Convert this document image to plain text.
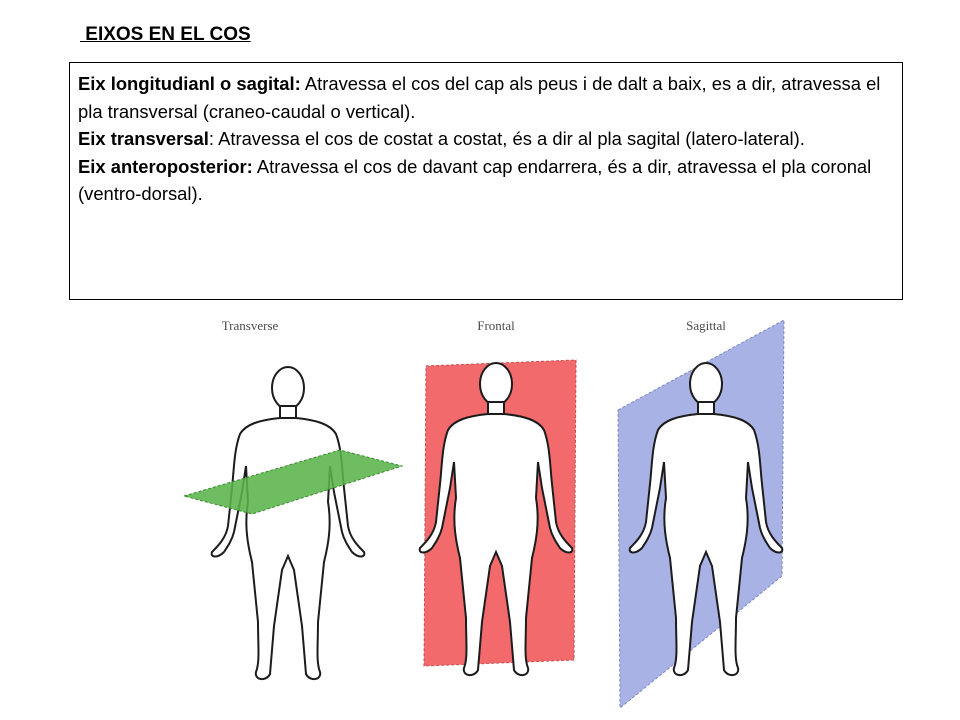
EIXOS EN EL COS

Eix longitudianl o sagital: Atravessa el cos del cap als peus i de dalt a baix, es a dir, atravessa el pla transversal (craneo-caudal o vertical).

Eix transversal: Atravessa el cos de costat a costat, és a dir al pla sagital (latero-lateral).

Eix anteroposterior: Atravessa el cos de davant cap endarrera, és a dir, atravessa el pla coronal (ventro-dorsal).

Transverse	Frontal	Sagittal
